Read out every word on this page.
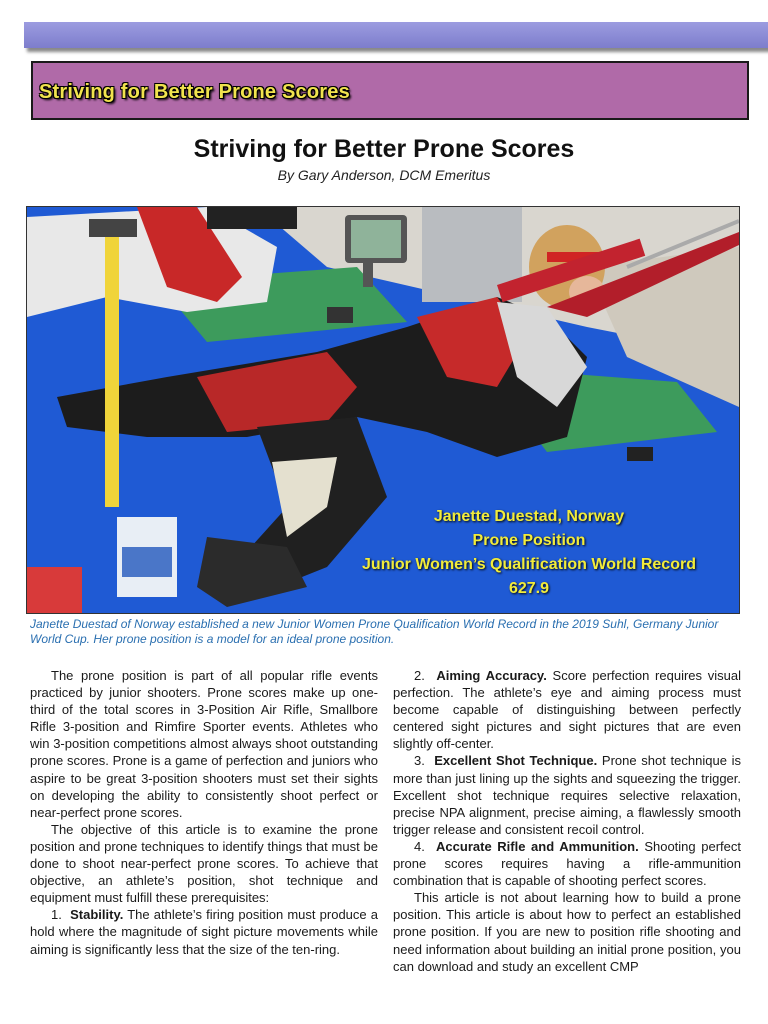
Striving for Better Prone Scores
Striving for Better Prone Scores
By Gary Anderson, DCM Emeritus
Janette Duestad, Norway
Prone Position
Junior Women’s Qualification World Record
627.9
Janette Duestad of Norway established a new Junior Women Prone Qualification World Record in the 2019 Suhl, Germany Junior World Cup. Her prone position is a model for an ideal prone position.

The prone position is part of all popular rifle events practiced by junior shooters. Prone scores make up one-third of the total scores in 3-Position Air Rifle, Smallbore Rifle 3-position and Rimfire Sporter events. Athletes who win 3-position competitions almost always shoot outstanding prone scores. Prone is a game of perfection and juniors who aspire to be great 3-position shooters must set their sights on developing the ability to consistently shoot perfect or near-perfect prone scores.

The objective of this article is to examine the prone position and prone techniques to identify things that must be done to shoot near-perfect prone scores. To achieve that objective, an athlete’s position, shot technique and equipment must fulfill these prerequisites:

1. Stability. The athlete’s firing position must produce a hold where the magnitude of sight picture movements while aiming is significantly less that the size of the ten-ring.

2. Aiming Accuracy. Score perfection requires visual perfection. The athlete’s eye and aiming process must become capable of distinguishing between perfectly centered sight pictures and sight pictures that are even slightly off-center.

3. Excellent Shot Technique. Prone shot technique is more than just lining up the sights and squeezing the trigger. Excellent shot technique requires selective relaxation, precise NPA alignment, precise aiming, a flawlessly smooth trigger release and consistent recoil control.

4. Accurate Rifle and Ammunition. Shooting perfect prone scores requires having a rifle-ammunition combination that is capable of shooting perfect scores.

This article is not about learning how to build a prone position. This article is about how to perfect an established prone position. If you are new to position rifle shooting and need information about building an initial prone position, you can download and study an excellent CMP
